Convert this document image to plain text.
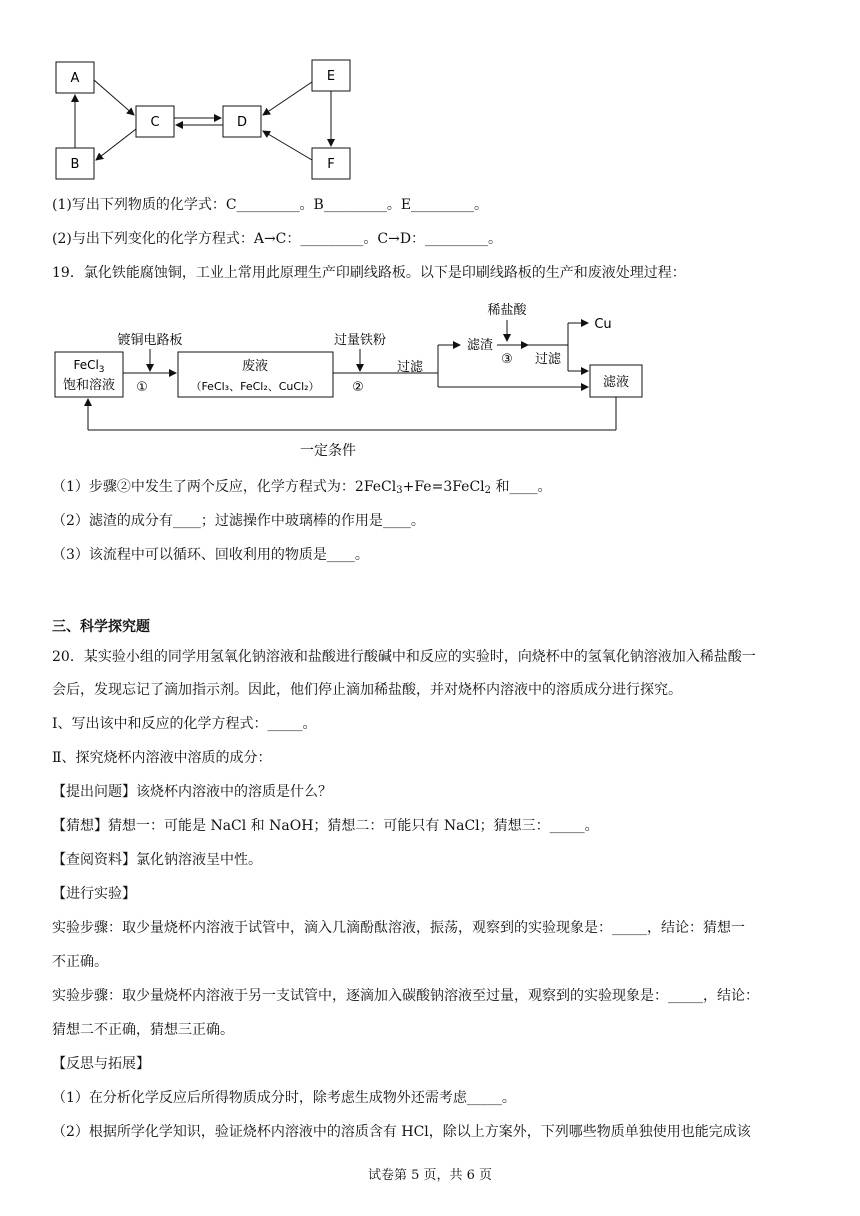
A
B
C	D
E
F
(1)写出下列物质的化学式：C_________。B_________。E_________。
(2)与出下列变化的化学方程式：A→C：_________。C→D：_________。
19．氯化铁能腐蚀铜，工业上常用此原理生产印刷线路板。以下是印刷线路板的生产和废液处理过程：
FeCl$_3$
饱和溶液
镀铜电路板
①
废液
（FeCl₃、FeCl₂、CuCl₂）
过量铁粉
②
过滤
滤渣
稀盐酸
③ 过滤
Cu
滤液
一定条件
（1）步骤②中发生了两个反应，化学方程式为：2FeCl$_3$+Fe=3FeCl$_2$ 和____。
（2）滤渣的成分有____；过滤操作中玻璃棒的作用是____。
（3）该流程中可以循环、回收利用的物质是____。
三、科学探究题
20．某实验小组的同学用氢氧化钠溶液和盐酸进行酸碱中和反应的实验时，向烧杯中的氢氧化钠溶液加入稀盐酸一
会后，发现忘记了滴加指示剂。因此，他们停止滴加稀盐酸，并对烧杯内溶液中的溶质成分进行探究。
Ⅰ、写出该中和反应的化学方程式：_____。
Ⅱ、探究烧杯内溶液中溶质的成分：
【提出问题】该烧杯内溶液中的溶质是什么？
【猜想】猜想一：可能是 NaCl 和 NaOH；猜想二：可能只有 NaCl；猜想三：_____。
【查阅资料】氯化钠溶液呈中性。
【进行实验】
实验步骤：取少量烧杯内溶液于试管中，滴入几滴酚酞溶液，振荡，观察到的实验现象是：_____，结论：猜想一
不正确。
实验步骤：取少量烧杯内溶液于另一支试管中，逐滴加入碳酸钠溶液至过量，观察到的实验现象是：_____，结论：
猜想二不正确，猜想三正确。
【反思与拓展】
（1）在分析化学反应后所得物质成分时，除考虑生成物外还需考虑_____。
（2）根据所学化学知识，验证烧杯内溶液中的溶质含有 HCl，除以上方案外，下列哪些物质单独使用也能完成该
试卷第 5 页，共 6 页
